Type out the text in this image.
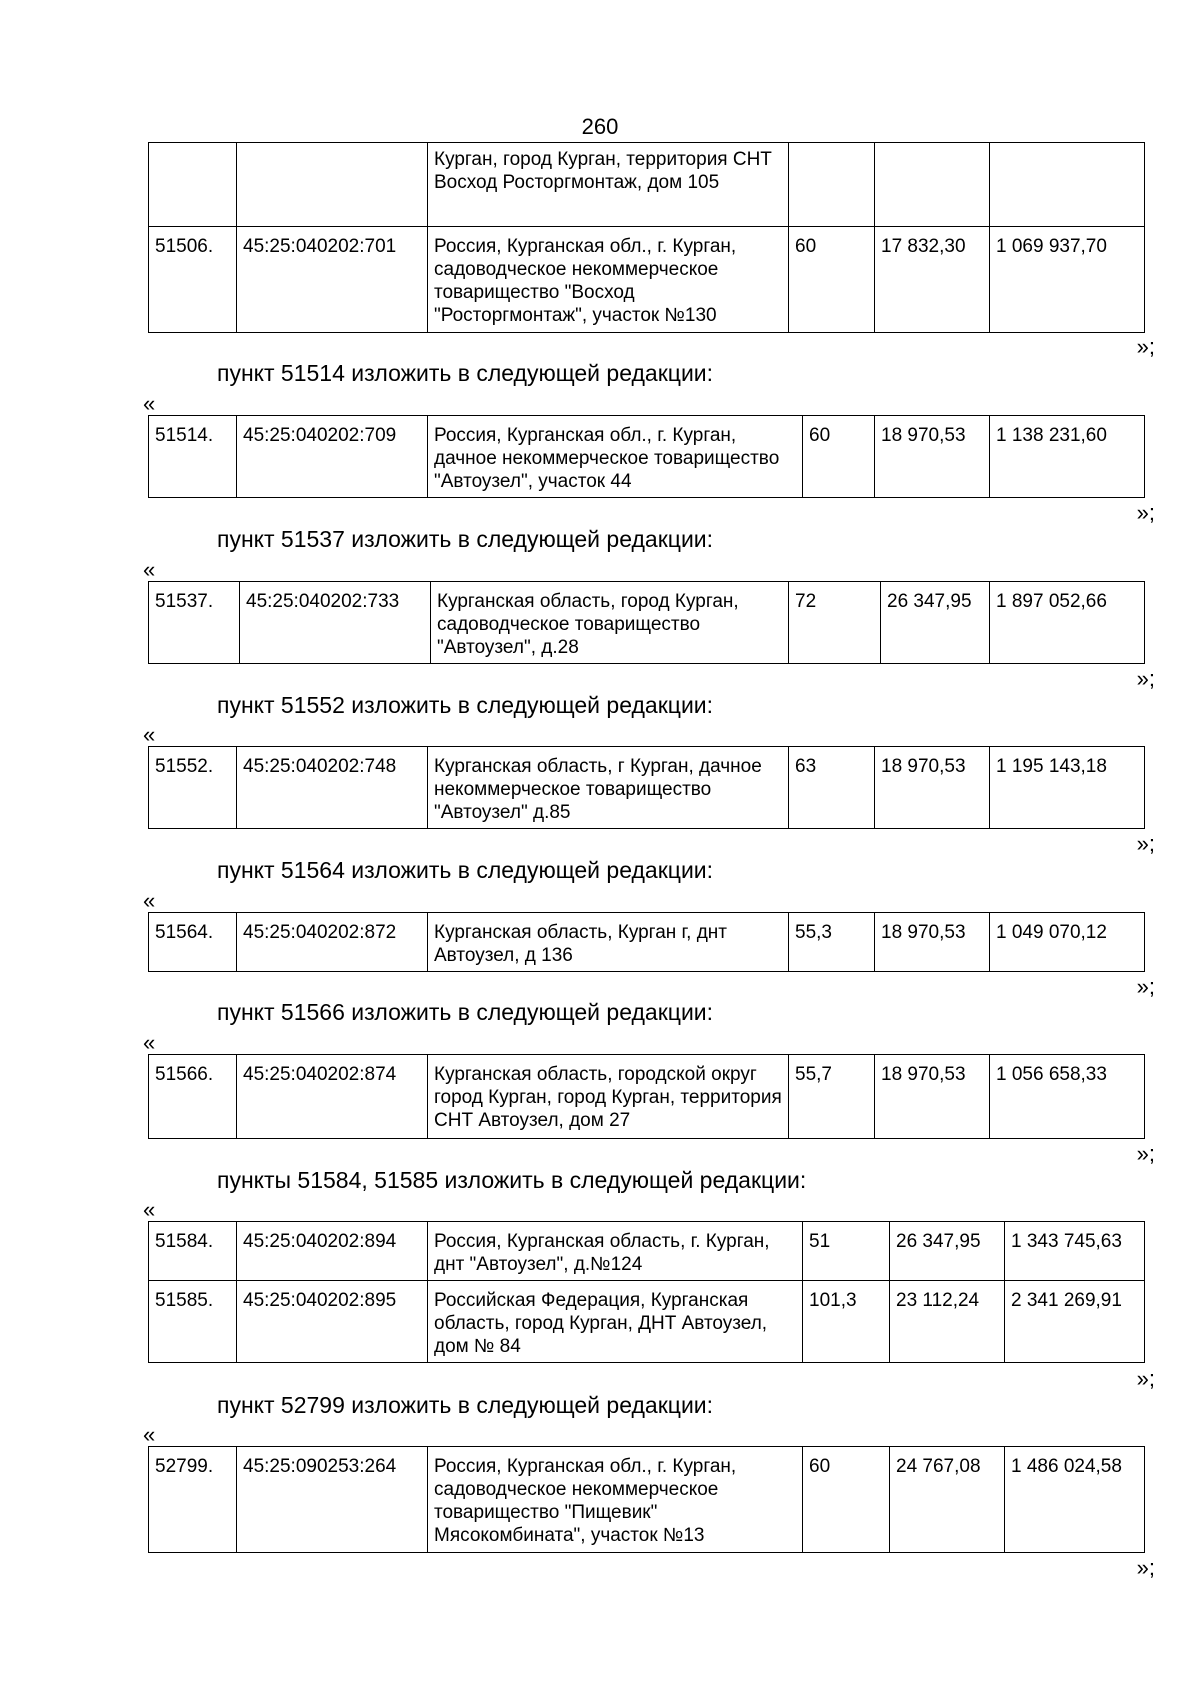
260
		Курган, город Курган, территория СНТ Восход Росторгмонтаж, дом 105			
51506.	45:25:040202:701	Россия, Курганская обл., г. Курган, садоводческое некоммерческое товарищество "Восход "Росторгмонтаж", участок №130	60	17 832,30	1 069 937,70
»;
пункт 51514 изложить в следующей редакции:
«
51514.	45:25:040202:709	Россия, Курганская обл., г. Курган, дачное некоммерческое товарищество "Автоузел", участок 44	60	18 970,53	1 138 231,60
»;
пункт 51537 изложить в следующей редакции:
«
51537.	45:25:040202:733	Курганская область, город Курган, садоводческое товарищество "Автоузел", д.28	72	26 347,95	1 897 052,66
»;
пункт 51552 изложить в следующей редакции:
«
51552.	45:25:040202:748	Курганская область, г Курган, дачное некоммерческое товарищество "Автоузел" д.85	63	18 970,53	1 195 143,18
»;
пункт 51564 изложить в следующей редакции:
«
51564.	45:25:040202:872	Курганская область, Курган г, днт Автоузел, д 136	55,3	18 970,53	1 049 070,12
»;
пункт 51566 изложить в следующей редакции:
«
51566.	45:25:040202:874	Курганская область, городской округ город Курган, город Курган, территория СНТ Автоузел, дом 27	55,7	18 970,53	1 056 658,33
»;
пункты 51584, 51585 изложить в следующей редакции:
«
51584.	45:25:040202:894	Россия, Курганская область, г. Курган, днт "Автоузел", д.№124	51	26 347,95	1 343 745,63
51585.	45:25:040202:895	Российская Федерация, Курганская область, город Курган, ДНТ Автоузел, дом № 84	101,3	23 112,24	2 341 269,91
»;
пункт 52799 изложить в следующей редакции:
«
52799.	45:25:090253:264	Россия, Курганская обл., г. Курган, садоводческое некоммерческое товарищество "Пищевик" Мясокомбината", участок №13	60	24 767,08	1 486 024,58
»;
